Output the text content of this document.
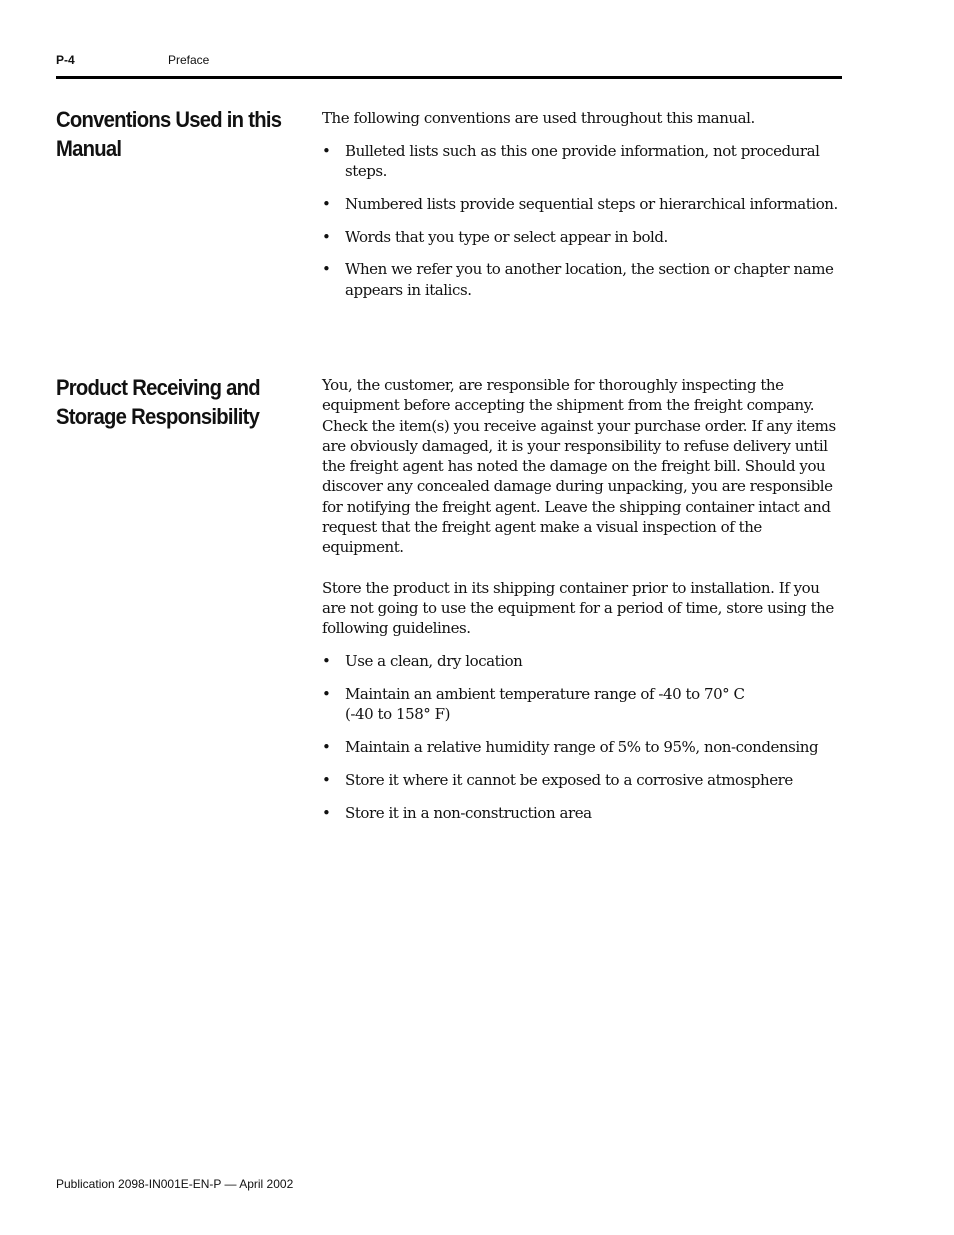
P-4	Preface
Conventions Used in this Manual

The following conventions are used throughout this manual.

• Bulleted lists such as this one provide information, not procedural steps.
• Numbered lists provide sequential steps or hierarchical information.
• Words that you type or select appear in bold.
• When we refer you to another location, the section or chapter name appears in italics.
Product Receiving and Storage Responsibility

You, the customer, are responsible for thoroughly inspecting the equipment before accepting the shipment from the freight company. Check the item(s) you receive against your purchase order. If any items are obviously damaged, it is your responsibility to refuse delivery until the freight agent has noted the damage on the freight bill. Should you discover any concealed damage during unpacking, you are responsible for notifying the freight agent. Leave the shipping container intact and request that the freight agent make a visual inspection of the equipment.

Store the product in its shipping container prior to installation. If you are not going to use the equipment for a period of time, store using the following guidelines.

• Use a clean, dry location
• Maintain an ambient temperature range of -40 to 70° C
(-40 to 158° F)
• Maintain a relative humidity range of 5% to 95%, non-condensing
• Store it where it cannot be exposed to a corrosive atmosphere
• Store it in a non-construction area
Publication 2098-IN001E-EN-P — April 2002
